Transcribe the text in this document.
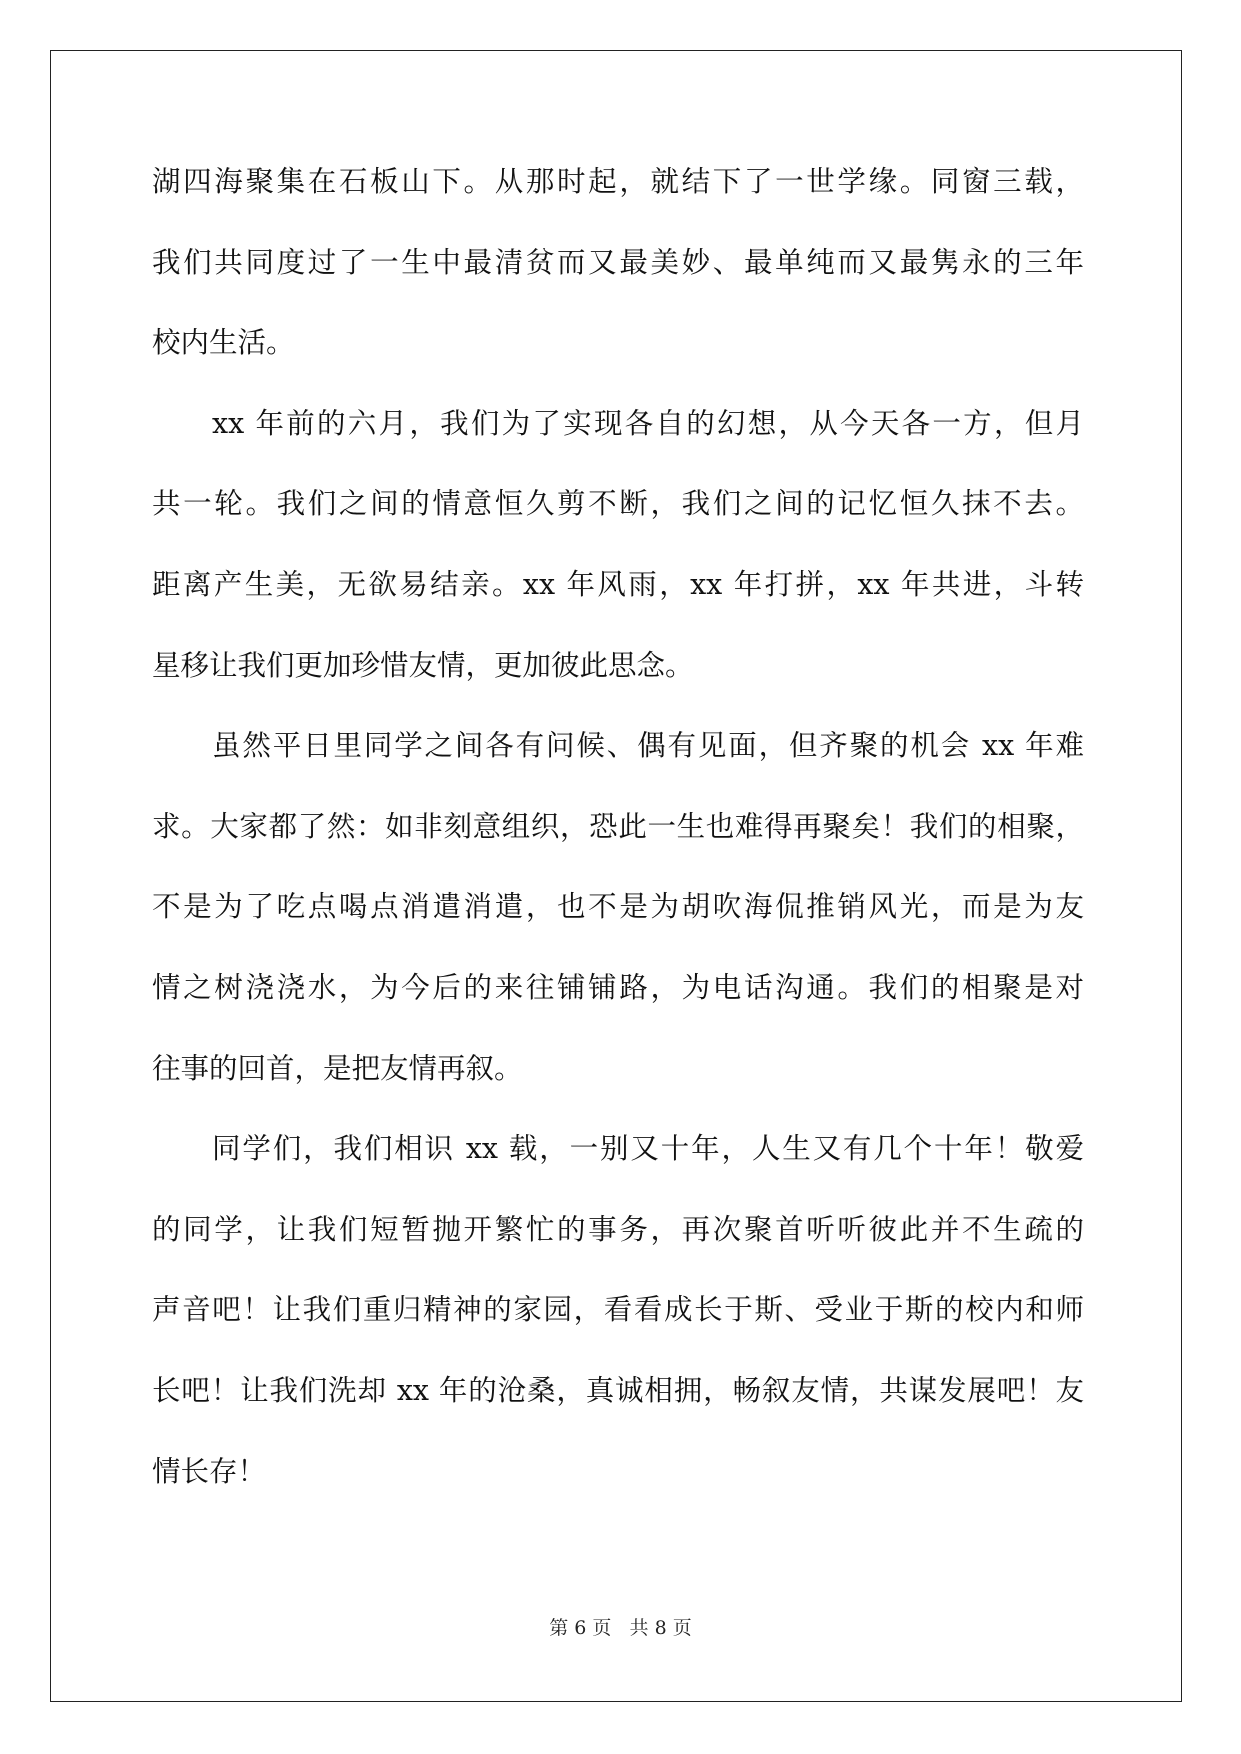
湖四海聚集在石板山下。从那时起，就结下了一世学缘。同窗三载，
我们共同度过了一生中最清贫而又最美妙、最单纯而又最隽永的三年
校内生活。
xx 年前的六月，我们为了实现各自的幻想，从今天各一方，但月
共一轮。我们之间的情意恒久剪不断，我们之间的记忆恒久抹不去。
距离产生美，无欲易结亲。xx 年风雨，xx 年打拼，xx 年共进，斗转
星移让我们更加珍惜友情，更加彼此思念。
虽然平日里同学之间各有问候、偶有见面，但齐聚的机会 xx 年难
求。大家都了然：如非刻意组织，恐此一生也难得再聚矣！我们的相聚，
不是为了吃点喝点消遣消遣，也不是为胡吹海侃推销风光，而是为友
情之树浇浇水，为今后的来往铺铺路，为电话沟通。我们的相聚是对
往事的回首，是把友情再叙。
同学们，我们相识 xx 载，一别又十年，人生又有几个十年！敬爱
的同学，让我们短暂抛开繁忙的事务，再次聚首听听彼此并不生疏的
声音吧！让我们重归精神的家园，看看成长于斯、受业于斯的校内和师
长吧！让我们洗却 xx 年的沧桑，真诚相拥，畅叙友情，共谋发展吧！友
情长存！
第 6 页   共 8 页
